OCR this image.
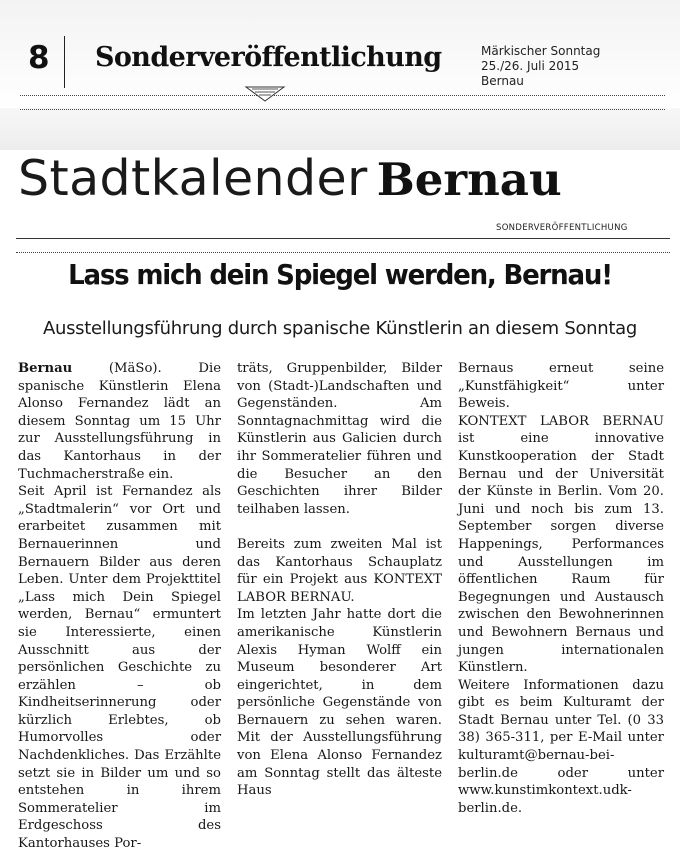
8 Sonderveröffentlichung	Märkischer Sonntag
25./26. Juli 2015
Bernau
Stadtkalender Bernau
SONDERVERÖFFENTLICHUNG
Lass mich dein Spiegel werden, Bernau!
Ausstellungsführung durch spanische Künstlerin an diesem Sonntag

Bernau	(MäSo). Die spanische Künstlerin Elena Alonso Fernandez lädt an diesem Sonntag um 15 Uhr zur Ausstellungsführung in das Kantorhaus in der Tuchmacherstraße ein.

Seit April ist Fernandez als „Stadtmalerin“ vor Ort und erarbeitet zusammen mit Bernauerinnen und Bernauern Bilder aus deren Leben. Unter dem Projekttitel „Lass mich Dein Spiegel werden, Bernau“ ermuntert sie Interessierte, einen Ausschnitt aus der persönlichen Geschichte zu erzählen – ob Kindheitserinnerung oder kürzlich Erlebtes, ob Humorvolles oder Nachdenkliches. Das Erzählte setzt sie in Bilder um und so entstehen in ihrem Sommeratelier im Erdgeschoss des Kantorhauses Por-

träts, Gruppenbilder, Bilder von (Stadt-)Landschaften und Gegenständen. Am Sonntagnachmittag wird die Künstlerin aus Galicien durch ihr Sommeratelier führen und die Besucher an den Geschichten ihrer Bilder teilhaben lassen.

Bereits zum zweiten Mal ist das Kantorhaus Schauplatz für ein Projekt aus KONTEXT LABOR BERNAU.

Im letzten Jahr hatte dort die amerikanische Künstlerin Alexis Hyman Wolff ein Museum besonderer Art eingerichtet, in dem persönliche Gegenstände von Bernauern zu sehen waren. Mit der Ausstellungsführung von Elena Alonso Fernandez am Sonntag stellt das älteste Haus

Bernaus erneut seine „Kunstfähigkeit“ unter Beweis.

KONTEXT LABOR BERNAU ist eine innovative Kunstkooperation der Stadt Bernau und der Universität der Künste in Berlin. Vom 20. Juni und noch bis zum 13. September sorgen diverse Happenings, Performances und Ausstellungen im öffentlichen Raum für Begegnungen und Austausch zwischen den Bewohnerinnen und Bewohnern Bernaus und jungen internationalen Künstlern.

Weitere Informationen dazu gibt es beim Kulturamt der Stadt Bernau unter Tel. (0 33 38) 365-311, per E-Mail unter kulturamt@bernau-bei-berlin.de oder unter www.kunstimkontext.udk-berlin.de.
